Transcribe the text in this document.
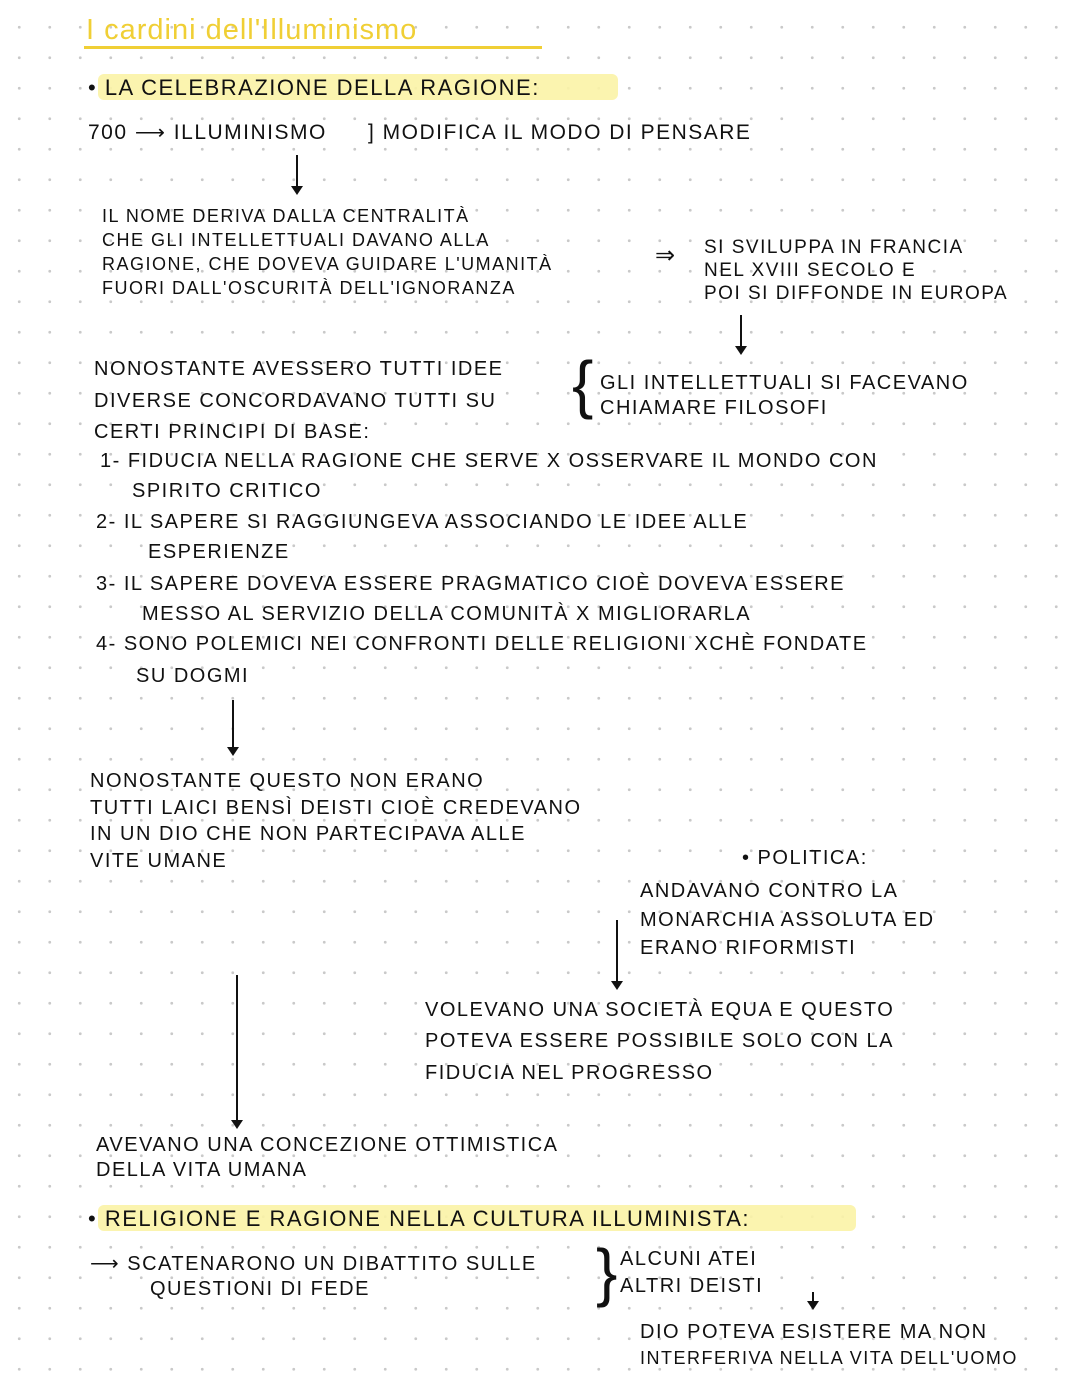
I cardini dell'Illuminismo
• LA CELEBRAZIONE DELLA RAGIONE:
700 ⟶ ILLUMINISMO ] MODIFICA IL MODO DI PENSARE
IL NOME DERIVA DALLA CENTRALITÀ
CHE GLI INTELLETTUALI DAVANO ALLA
RAGIONE, CHE DOVEVA GUIDARE L'UMANITÀ
FUORI DALL'OSCURITÀ DELL'IGNORANZA
⇒ SI SVILUPPA IN FRANCIA
NEL XVIII SECOLO E
POI SI DIFFONDE IN EUROPA
NONOSTANTE AVESSERO TUTTI IDEE
DIVERSE CONCORDAVANO TUTTI SU
CERTI PRINCIPI DI BASE:
{ GLI INTELLETTUALI SI FACEVANO
CHIAMARE FILOSOFI
1- FIDUCIA NELLA RAGIONE CHE SERVE X OSSERVARE IL MONDO CON
SPIRITO CRITICO
2- IL SAPERE SI RAGGIUNGEVA ASSOCIANDO LE IDEE ALLE
ESPERIENZE
3- IL SAPERE DOVEVA ESSERE PRAGMATICO CIOÈ DOVEVA ESSERE
MESSO AL SERVIZIO DELLA COMUNITÀ X MIGLIORARLA
4- SONO POLEMICI NEI CONFRONTI DELLE RELIGIONI XCHÈ FONDATE
SU DOGMI
NONOSTANTE QUESTO NON ERANO
TUTTI LAICI BENSÌ DEISTI CIOÈ CREDEVANO
IN UN DIO CHE NON PARTECIPAVA ALLE
VITE UMANE	• POLITICA:
ANDAVANO CONTRO LA
MONARCHIA ASSOLUTA ED
ERANO RIFORMISTI
VOLEVANO UNA SOCIETÀ EQUA E QUESTO
POTEVA ESSERE POSSIBILE SOLO CON LA
FIDUCIA NEL PROGRESSO
AVEVANO UNA CONCEZIONE OTTIMISTICA
DELLA VITA UMANA
• RELIGIONE E RAGIONE NELLA CULTURA ILLUMINISTA:
⟶ SCATENARONO UN DIBATTITO SULLE
QUESTIONI DI FEDE	} ALCUNI ATEI
ALTRI DEISTI
DIO POTEVA ESISTERE MA NON
INTERFERIVA NELLA VITA DELL'UOMO
